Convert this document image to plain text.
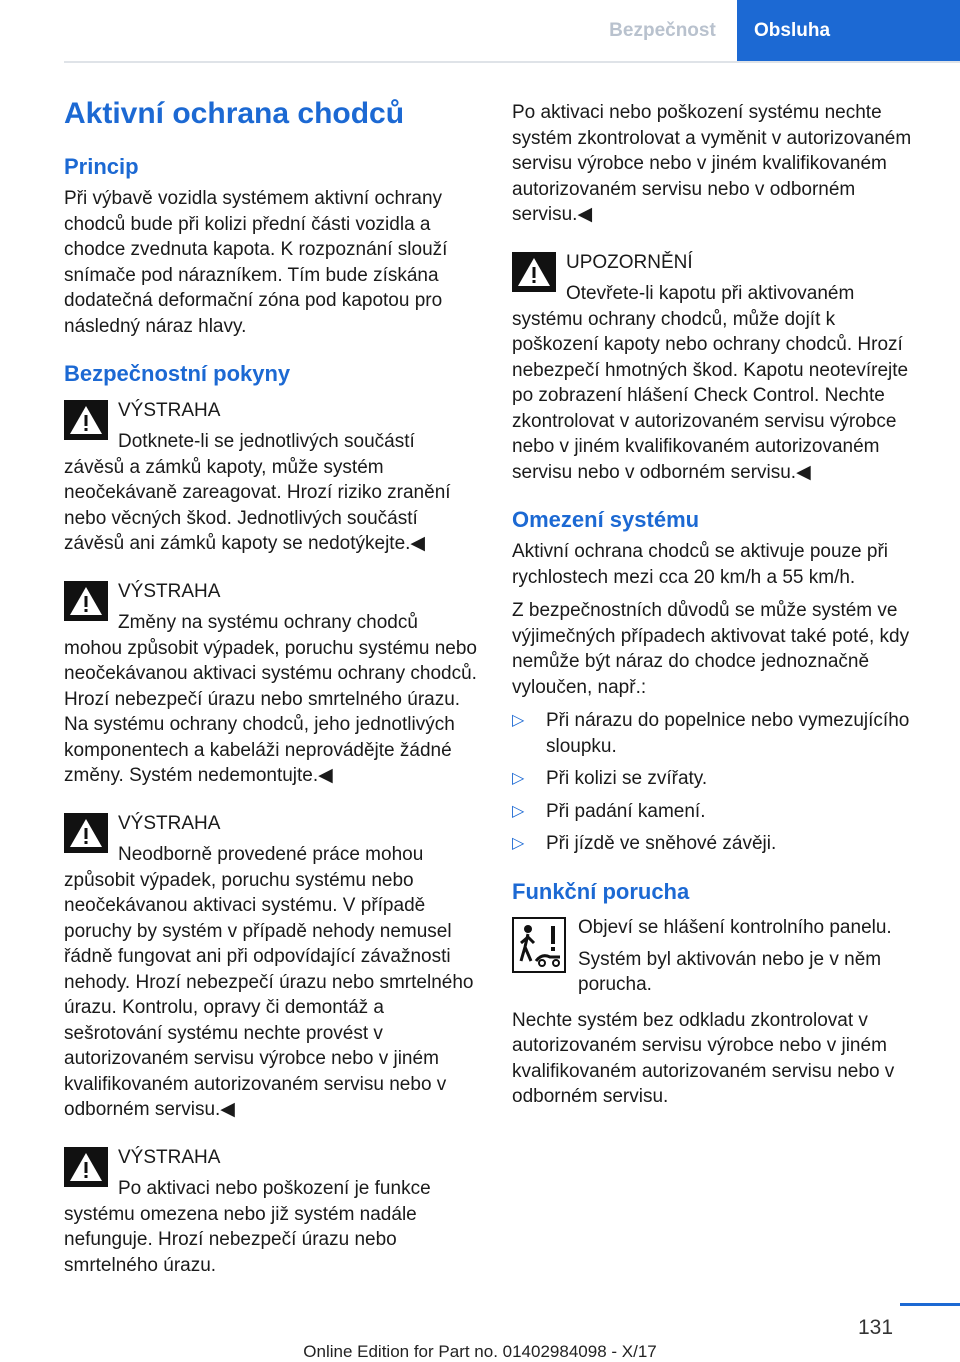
Bezpečnost	Obsluha
Aktivní ochrana chodců
Princip

Při výbavě vozidla systémem aktivní ochrany chodců bude při kolizi přední části vozidla a chodce zvednuta kapota. K rozpoznání slouží snímače pod nárazníkem. Tím bude získána dodatečná deformační zóna pod kapotou pro následný náraz hlavy.

Bezpečnostní pokyny
VÝSTRAHA

Dotknete-li se jednotlivých součástí závěsů a zámků kapoty, může systém neočekávaně zareagovat. Hrozí riziko zranění nebo věcných škod. Jednotlivých součástí závěsů ani zámků kapoty se nedotýkejte.◀

VÝSTRAHA

Změny na systému ochrany chodců mohou způsobit výpadek, poruchu systému nebo neočekávanou aktivaci systému ochrany chodců. Hrozí nebezpečí úrazu nebo smrtelného úrazu. Na systému ochrany chodců, jeho jednotlivých komponentech a kabeláži neprovádějte žádné změny. Systém nedemontujte.◀

VÝSTRAHA

Neodborně provedené práce mohou způsobit výpadek, poruchu systému nebo neočekávanou aktivaci systému. V případě poruchy by systém v případě nehody nemusel řádně fungovat ani při odpovídající závažnosti nehody. Hrozí nebezpečí úrazu nebo smrtelného úrazu. Kontrolu, opravy či demontáž a sešrotování systému nechte provést v autorizovaném servisu výrobce nebo v jiném kvalifikovaném autorizovaném servisu nebo v odborném servisu.◀

VÝSTRAHA

Po aktivaci nebo poškození je funkce systému omezena nebo již systém nadále nefunguje. Hrozí nebezpečí úrazu nebo smrtelného úrazu.

Po aktivaci nebo poškození systému nechte systém zkontrolovat a vyměnit v autorizovaném servisu výrobce nebo v jiném kvalifikovaném autorizovaném servisu nebo v odborném servisu.◀

UPOZORNĚNÍ

Otevřete-li kapotu při aktivovaném systému ochrany chodců, může dojít k poškození kapoty nebo ochrany chodců. Hrozí nebezpečí hmotných škod. Kapotu neotevírejte po zobrazení hlášení Check Control. Nechte zkontrolovat v autorizovaném servisu výrobce nebo v jiném kvalifikovaném autorizovaném servisu nebo v odborném servisu.◀

Omezení systému

Aktivní ochrana chodců se aktivuje pouze při rychlostech mezi cca 20 km/h a 55 km/h.

Z bezpečnostních důvodů se může systém ve výjimečných případech aktivovat také poté, kdy nemůže být náraz do chodce jednoznačně vyloučen, např.:

▷ Při nárazu do popelnice nebo vymezujícího sloupku.
▷ Při kolizi se zvířaty.
▷ Při padání kamení.
▷ Při jízdě ve sněhové závěji.
Funkční porucha

Objeví se hlášení kontrolního panelu.

Systém byl aktivován nebo je v něm porucha.

Nechte systém bez odkladu zkontrolovat v autorizovaném servisu výrobce nebo v jiném kvalifikovaném autorizovaném servisu nebo v odborném servisu.

131
Online Edition for Part no. 01402984098 - X/17
